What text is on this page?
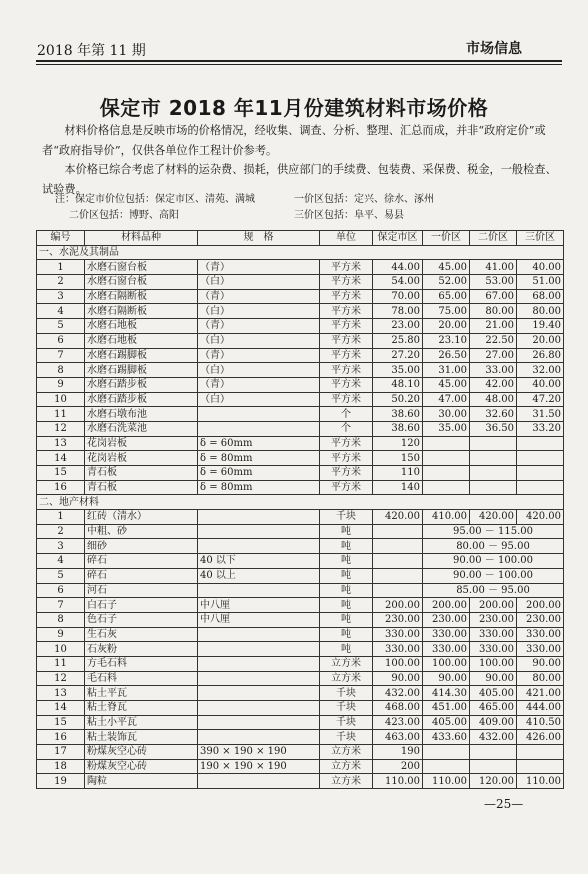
2018 年第 11 期	市场信息
保定市 2018 年11月份建筑材料市场价格

材料价格信息是反映市场的价格情况，经收集、调查、分析、整理、汇总而成，并非“政府定价”或者“政府指导价”，仅供各单位作工程计价参考。

本价格已综合考虑了材料的运杂费、损耗，供应部门的手续费、包装费、采保费、税金，一般检查、试验费。

注：保定市价位包括：保定市区、清苑、满城	一价区包括：定兴、徐水、涿州
二价区包括：博野、高阳	三价区包括：阜平、易县
编号	材料品种	规　格	单位	保定市区	一价区	二价区	三价区
一、水泥及其制品							
1	水磨石窗台板	（青）	平方米	44.00	45.00	41.00	40.00
2	水磨石窗台板	（白）	平方米	54.00	52.00	53.00	51.00
3	水磨石隔断板	（青）	平方米	70.00	65.00	67.00	68.00
4	水磨石隔断板	（白）	平方米	78.00	75.00	80.00	80.00
5	水磨石地板	（青）	平方米	23.00	20.00	21.00	19.40
6	水磨石地板	（白）	平方米	25.80	23.10	22.50	20.00
7	水磨石踢脚板	（青）	平方米	27.20	26.50	27.00	26.80
8	水磨石踢脚板	（白）	平方米	35.00	31.00	33.00	32.00
9	水磨石踏步板	（青）	平方米	48.10	45.00	42.00	40.00
10	水磨石踏步板	（白）	平方米	50.20	47.00	48.00	47.20
11	水磨石墩布池		个	38.60	30.00	32.60	31.50
12	水磨石洗菜池		个	38.60	35.00	36.50	33.20
13	花岗岩板	δ = 60mm	平方米	120			
14	花岗岩板	δ = 80mm	平方米	150			
15	青石板	δ = 60mm	平方米	110			
16	青石板	δ = 80mm	平方米	140			
二、地产材料							
1	红砖（清水）		千块	420.00	410.00	420.00	420.00
2	中粗、砂		吨		95.00 － 115.00		
3	细砂		吨		80.00 － 95.00		
4	碎石	40 以下	吨		90.00 － 100.00		
5	碎石	40 以上	吨		90.00 － 100.00		
6	河石		吨		85.00 － 95.00		
7	白石子	中八厘	吨	200.00	200.00	200.00	200.00
8	色石子	中八厘	吨	230.00	230.00	230.00	230.00
9	生石灰		吨	330.00	330.00	330.00	330.00
10	石灰粉		吨	330.00	330.00	330.00	330.00
11	方毛石料		立方米	100.00	100.00	100.00	90.00
12	毛石料		立方米	90.00	90.00	90.00	80.00
13	粘土平瓦		千块	432.00	414.30	405.00	421.00
14	粘土脊瓦		千块	468.00	451.00	465.00	444.00
15	粘土小平瓦		千块	423.00	405.00	409.00	410.50
16	粘土装饰瓦		千块	463.00	433.60	432.00	426.00
17	粉煤灰空心砖	390 × 190 × 190	立方米	190			
18	粉煤灰空心砖	190 × 190 × 190	立方米	200			
19	陶粒		立方米	110.00	110.00	120.00	110.00
—25—
